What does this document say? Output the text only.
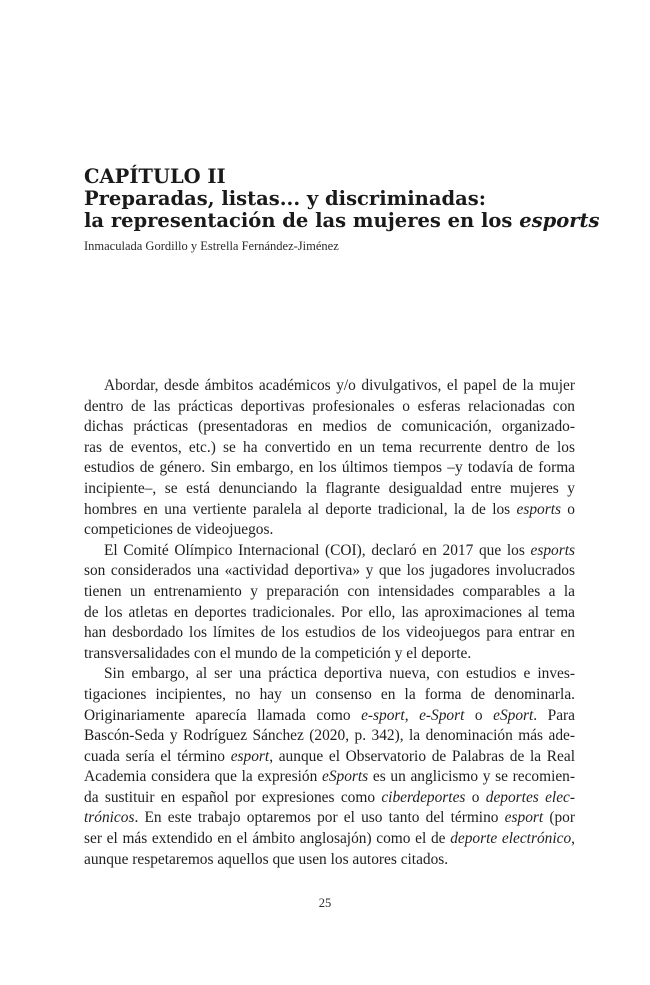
CAPÍTULO II
Preparadas, listas... y discriminadas:
la representación de las mujeres en los esports
Inmaculada Gordillo y Estrella Fernández-Jiménez
Abordar, desde ámbitos académicos y/o divulgativos, el papel de la mujer
dentro de las prácticas deportivas profesionales o esferas relacionadas con
dichas prácticas (presentadoras en medios de comunicación, organizado-
ras de eventos, etc.) se ha convertido en un tema recurrente dentro de los
estudios de género. Sin embargo, en los últimos tiempos –y todavía de forma
incipiente–, se está denunciando la flagrante desigualdad entre mujeres y
hombres en una vertiente paralela al deporte tradicional, la de los esports o
competiciones de videojuegos.
El Comité Olímpico Internacional (COI), declaró en 2017 que los esports
son considerados una «actividad deportiva» y que los jugadores involucrados
tienen un entrenamiento y preparación con intensidades comparables a la
de los atletas en deportes tradicionales. Por ello, las aproximaciones al tema
han desbordado los límites de los estudios de los videojuegos para entrar en
transversalidades con el mundo de la competición y el deporte.
Sin embargo, al ser una práctica deportiva nueva, con estudios e inves-
tigaciones incipientes, no hay un consenso en la forma de denominarla.
Originariamente aparecía llamada como e-sport, e-Sport o eSport. Para
Bascón-Seda y Rodríguez Sánchez (2020, p. 342), la denominación más ade-
cuada sería el término esport, aunque el Observatorio de Palabras de la Real
Academia considera que la expresión eSports es un anglicismo y se recomien-
da sustituir en español por expresiones como ciberdeportes o deportes elec-
trónicos. En este trabajo optaremos por el uso tanto del término esport (por
ser el más extendido en el ámbito anglosajón) como el de deporte electrónico,
aunque respetaremos aquellos que usen los autores citados.
25
